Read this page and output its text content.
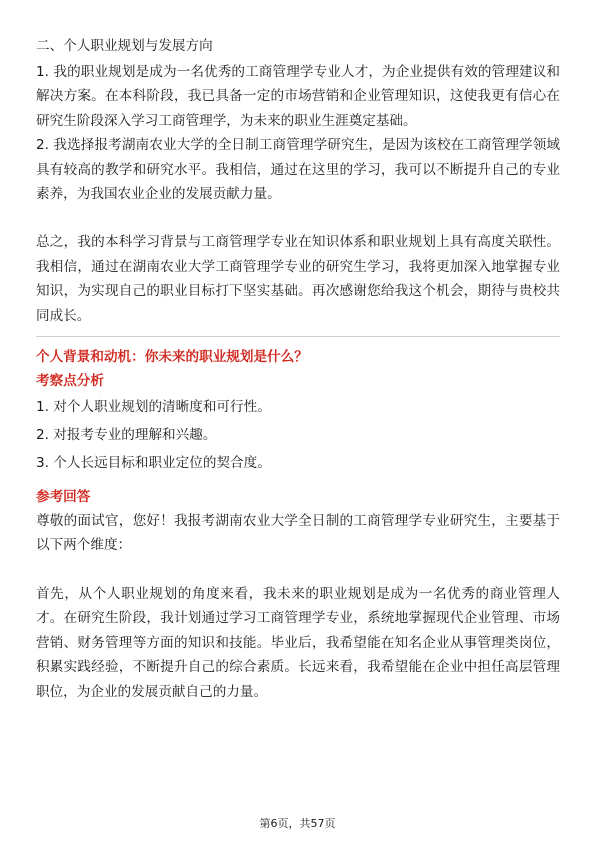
二、个人职业规划与发展方向

1. 我的职业规划是成为一名优秀的工商管理学专业人才，为企业提供有效的管理建议和解决方案。在本科阶段，我已具备一定的市场营销和企业管理知识，这使我更有信心在研究生阶段深入学习工商管理学，为未来的职业生涯奠定基础。

2. 我选择报考湖南农业大学的全日制工商管理学研究生，是因为该校在工商管理学领域具有较高的教学和研究水平。我相信，通过在这里的学习，我可以不断提升自己的专业素养，为我国农业企业的发展贡献力量。

总之，我的本科学习背景与工商管理学专业在知识体系和职业规划上具有高度关联性。我相信，通过在湖南农业大学工商管理学专业的研究生学习，我将更加深入地掌握专业知识，为实现自己的职业目标打下坚实基础。再次感谢您给我这个机会，期待与贵校共同成长。

个人背景和动机：你未来的职业规划是什么？

考察点分析

1. 对个人职业规划的清晰度和可行性。

2. 对报考专业的理解和兴趣。

3. 个人长远目标和职业定位的契合度。

参考回答

尊敬的面试官，您好！我报考湖南农业大学全日制的工商管理学专业研究生，主要基于以下两个维度：

首先，从个人职业规划的角度来看，我未来的职业规划是成为一名优秀的商业管理人才。在研究生阶段，我计划通过学习工商管理学专业，系统地掌握现代企业管理、市场营销、财务管理等方面的知识和技能。毕业后，我希望能在知名企业从事管理类岗位，积累实践经验，不断提升自己的综合素质。长远来看，我希望能在企业中担任高层管理职位，为企业的发展贡献自己的力量。

第6页，共57页
